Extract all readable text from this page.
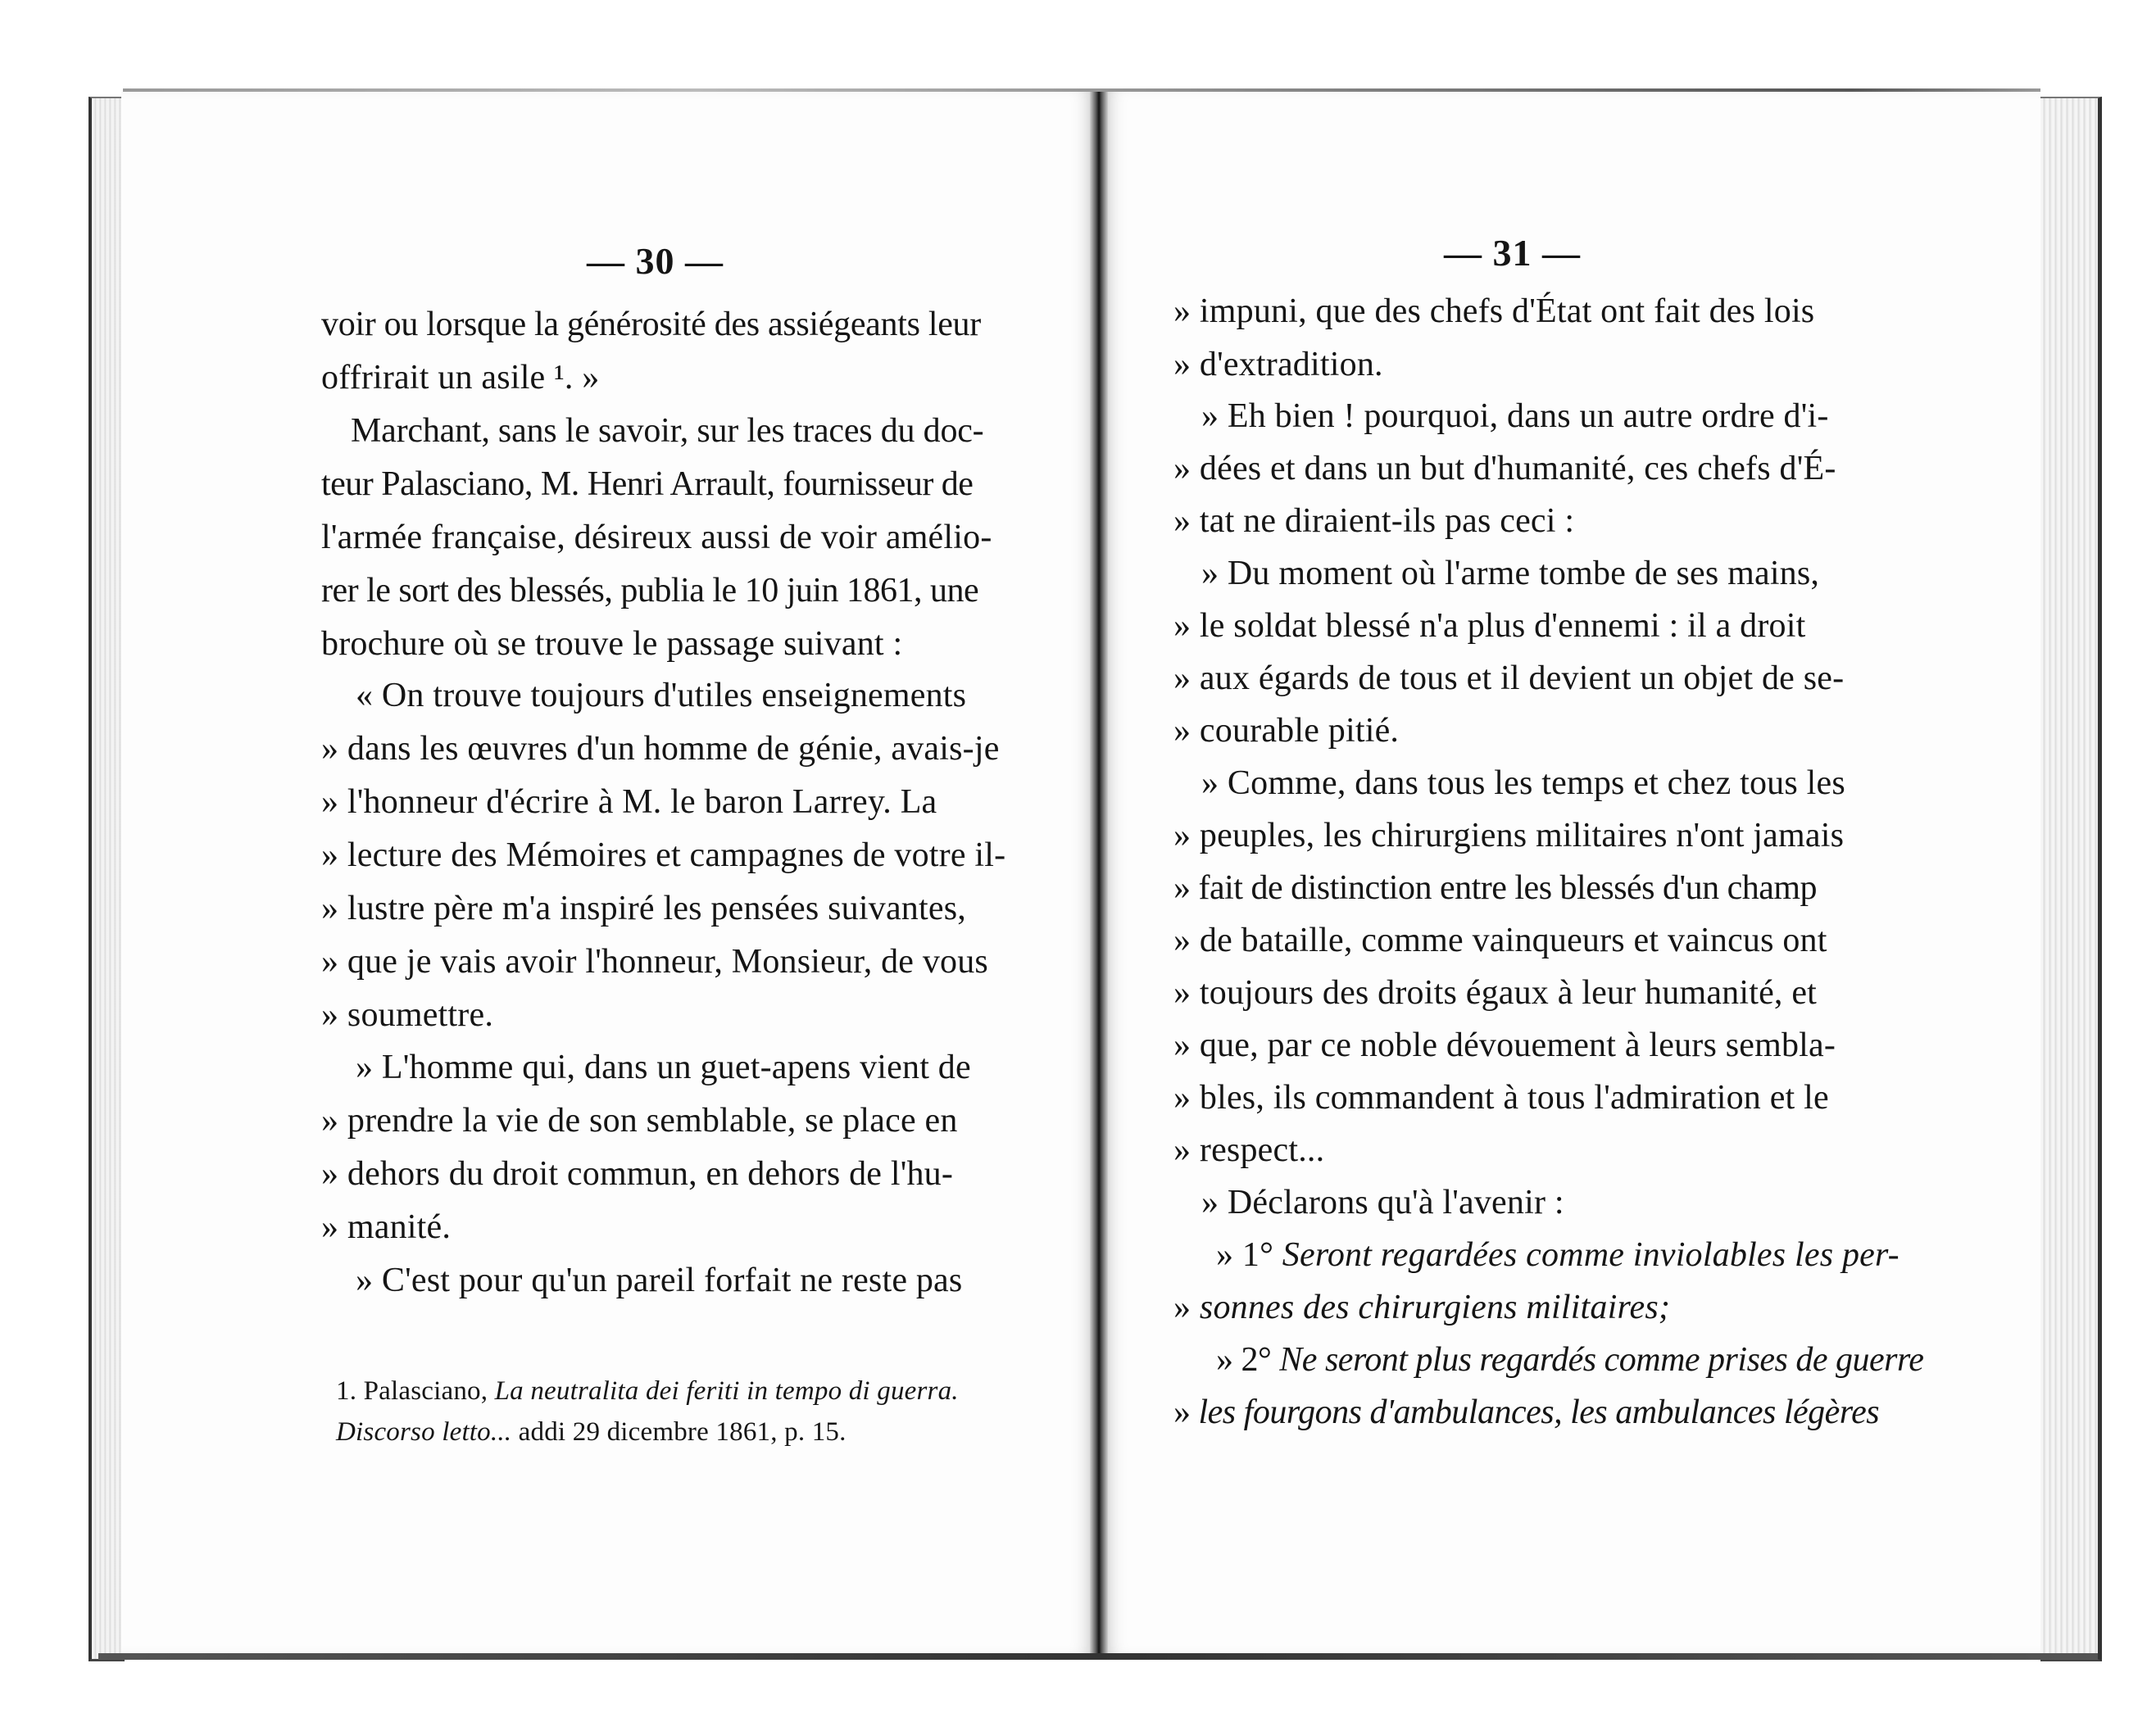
— 30 —
voir ou lorsque la générosité des assiégeants leur
offrirait un asile ¹. »
Marchant, sans le savoir, sur les traces du doc-
teur Palasciano, M. Henri Arrault, fournisseur de
l'armée française, désireux aussi de voir amélio-
rer le sort des blessés, publia le 10 juin 1861, une
brochure où se trouve le passage suivant :
« On trouve toujours d'utiles enseignements
» dans les œuvres d'un homme de génie, avais-je
» l'honneur d'écrire à M. le baron Larrey. La
» lecture des Mémoires et campagnes de votre il-
» lustre père m'a inspiré les pensées suivantes,
» que je vais avoir l'honneur, Monsieur, de vous
» soumettre.
» L'homme qui, dans un guet-apens vient de
» prendre la vie de son semblable, se place en
» dehors du droit commun, en dehors de l'hu-
» manité.
» C'est pour qu'un pareil forfait ne reste pas
1. Palasciano, La neutralita dei feriti in tempo di guerra.
Discorso letto... addi 29 dicembre 1861, p. 15.
— 31 —
» impuni, que des chefs d'État ont fait des lois
» d'extradition.
» Eh bien ! pourquoi, dans un autre ordre d'i-
» dées et dans un but d'humanité, ces chefs d'É-
» tat ne diraient-ils pas ceci :
» Du moment où l'arme tombe de ses mains,
» le soldat blessé n'a plus d'ennemi : il a droit
» aux égards de tous et il devient un objet de se-
» courable pitié.
» Comme, dans tous les temps et chez tous les
» peuples, les chirurgiens militaires n'ont jamais
» fait de distinction entre les blessés d'un champ
» de bataille, comme vainqueurs et vaincus ont
» toujours des droits égaux à leur humanité, et
» que, par ce noble dévouement à leurs sembla-
» bles, ils commandent à tous l'admiration et le
» respect...
» Déclarons qu'à l'avenir :
» 1° Seront regardées comme inviolables les per-
» sonnes des chirurgiens militaires;
» 2° Ne seront plus regardés comme prises de guerre
» les fourgons d'ambulances, les ambulances légères
